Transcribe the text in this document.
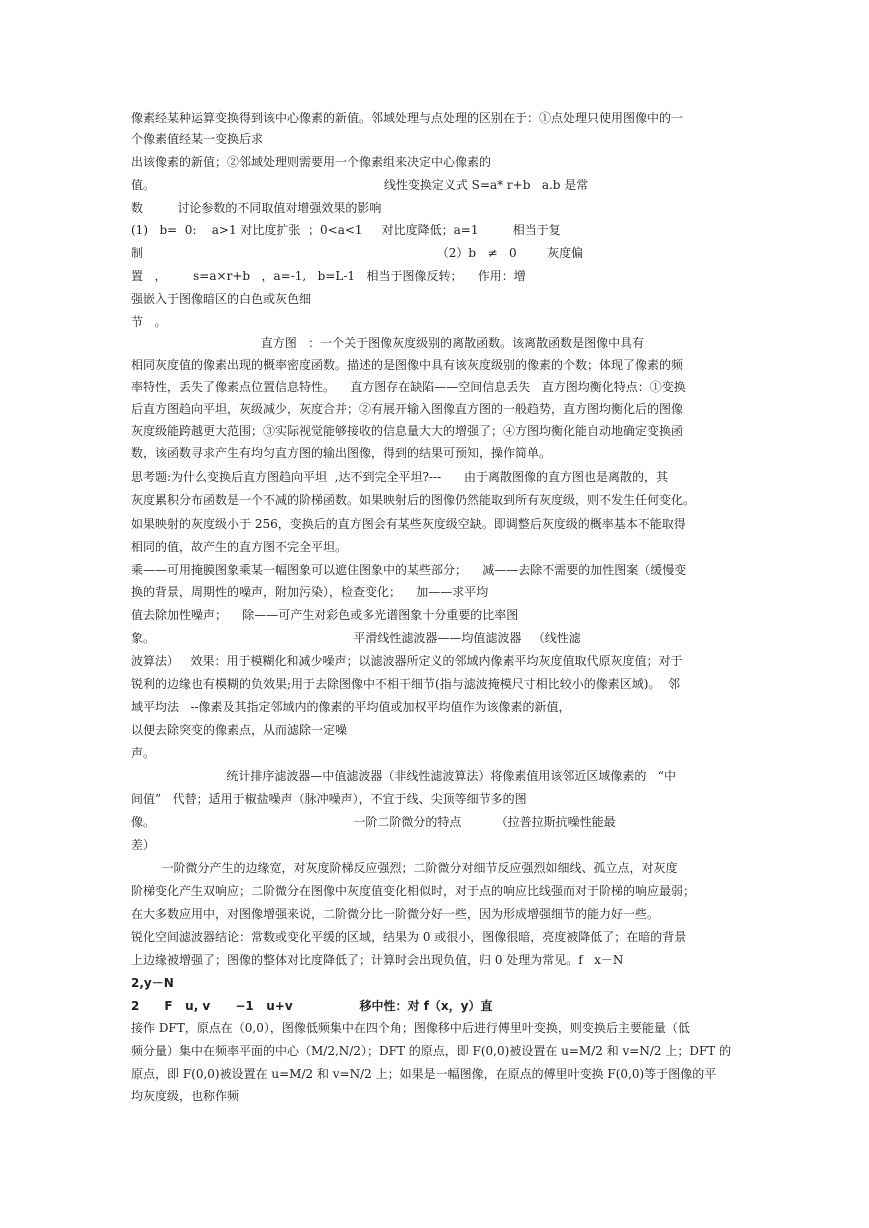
像素经某种运算变换得到该中心像素的新值。邻域处理与点处理的区别在于：①点处理只使用图像中的一
个像素值经某一变换后求
出该像素的新值；②邻域处理则需要用一个像素组来决定中心像素的
值。                                                            线性变换定义式 S=a* r+b   a.b 是常
数         讨论参数的不同取值对增强效果的影响
(1)   b=  0:    a>1 对比度扩张  ；0<a<1     对比度降低；a=1         相当于复
制                                                                             （2）b   ≠   0        灰度偏
置   ，       s=a×r+b   ，a=-1,   b=L-1   相当于图像反转；    作用：增
强嵌入于图像暗区的白色或灰色细
节   。
直方图   ：一个关于图像灰度级别的离散函数。该离散函数是图像中具有
相同灰度值的像素出现的概率密度函数。描述的是图像中具有该灰度级别的像素的个数；体现了像素的频
率特性，丢失了像素点位置信息特性。    直方图存在缺陷——空间信息丢失   直方图均衡化特点：①变换
后直方图趋向平坦，灰级减少，灰度合并；②有展开输入图像直方图的一般趋势，直方图均衡化后的图像
灰度级能跨越更大范围；③实际视觉能够接收的信息量大大的增强了；④方图均衡化能自动地确定变换函
数，该函数寻求产生有均匀直方图的输出图像，得到的结果可预知，操作简单。
思考题:为什么变换后直方图趋向平坦  ,达不到完全平坦?---      由于离散图像的直方图也是离散的，其
灰度累积分布函数是一个不减的阶梯函数。如果映射后的图像仍然能取到所有灰度级，则不发生任何变化。
如果映射的灰度级小于 256，变换后的直方图会有某些灰度级空缺。即调整后灰度级的概率基本不能取得
相同的值，故产生的直方图不完全平坦。
乘——可用掩膜图象乘某一幅图象可以遮住图象中的某些部分；    减——去除不需要的加性图案（缓慢变
换的背景，周期性的噪声，附加污染），检查变化；    加——求平均
值去除加性噪声；    除——可产生对彩色或多光谱图象十分重要的比率图
象。                                                    平滑线性滤波器——均值滤波器   （线性滤
波算法）   效果：用于模糊化和减少噪声；以滤波器所定义的邻域内像素平均灰度值取代原灰度值；对于
锐利的边缘也有模糊的负效果;用于去除图像中不相干细节(指与滤波掩模尺寸相比较小的像素区域)。  邻
域平均法   --像素及其指定邻域内的像素的平均值或加权平均值作为该像素的新值，
以便去除突变的像素点，从而滤除一定噪
声。
统计排序滤波器—中值滤波器（非线性滤波算法）将像素值用该邻近区域像素的   “中
间值”   代替；适用于椒盐噪声（脉冲噪声），不宜于线、尖顶等细节多的图
像。                                                    一阶二阶微分的特点         （拉普拉斯抗噪性能最
差）
一阶微分产生的边缘宽，对灰度阶梯反应强烈；二阶微分对细节反应强烈如细线、孤立点，对灰度
阶梯变化产生双响应；二阶微分在图像中灰度值变化相似时，对于点的响应比线强而对于阶梯的响应最弱；
在大多数应用中，对图像增强来说，二阶微分比一阶微分好一些，因为形成增强细节的能力好一些。
锐化空间滤波器结论：常数或变化平缓的区域，结果为 0 或很小，图像很暗，亮度被降低了；在暗的背景
上边缘被增强了；图像的整体对比度降低了；计算时会出现负值，归 0 处理为常见。f   x－N
2,y－N
2      F   u, v      −1   u+v                移中性：对 f（x，y）直
接作 DFT，原点在（0,0），图像低频集中在四个角；图像移中后进行傅里叶变换，则变换后主要能量（低
频分量）集中在频率平面的中心（M/2,N/2）；DFT 的原点，即 F(0,0)被设置在 u=M/2 和 v=N/2 上；DFT 的
原点，即 F(0,0)被设置在 u=M/2 和 v=N/2 上；如果是一幅图像，在原点的傅里叶变换 F(0,0)等于图像的平
均灰度级，也称作频
